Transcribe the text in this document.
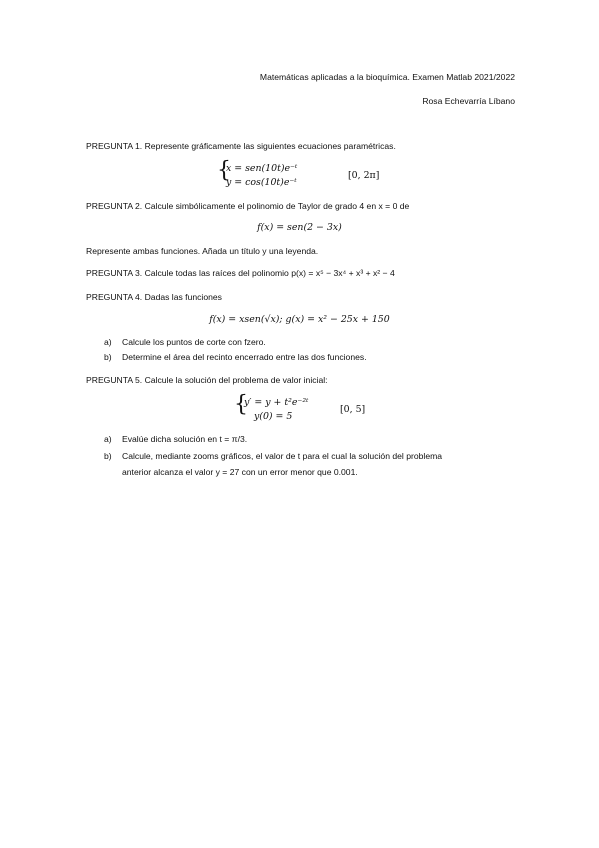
Matemáticas aplicadas a la bioquímica. Examen Matlab 2021/2022
Rosa Echevarría Líbano
PREGUNTA 1. Represente gráficamente las siguientes ecuaciones paramétricas.
{
x = sen(10t)e⁻ᵗ
y = cos(10t)e⁻ᵗ
[0, 2π]
PREGUNTA 2. Calcule simbólicamente el polinomio de Taylor de grado 4 en x = 0 de
f(x) = sen(2 − 3x)
Represente ambas funciones. Añada un título y una leyenda.
PREGUNTA 3. Calcule todas las raíces del polinomio p(x) = x⁵ − 3x⁴ + x³ + x² − 4
PREGUNTA 4. Dadas las funciones
f(x) = xsen(√x); g(x) = x² − 25x + 150
a) Calcule los puntos de corte con fzero.
b) Determine el área del recinto encerrado entre las dos funciones.
PREGUNTA 5. Calcule la solución del problema de valor inicial:
{
y′ = y + t²e⁻²ᵗ
y(0) = 5
[0, 5]
a) Evalúe dicha solución en t = π/3.
b) Calcule, mediante zooms gráficos, el valor de t para el cual la solución del problema
anterior alcanza el valor y = 27 con un error menor que 0.001.
